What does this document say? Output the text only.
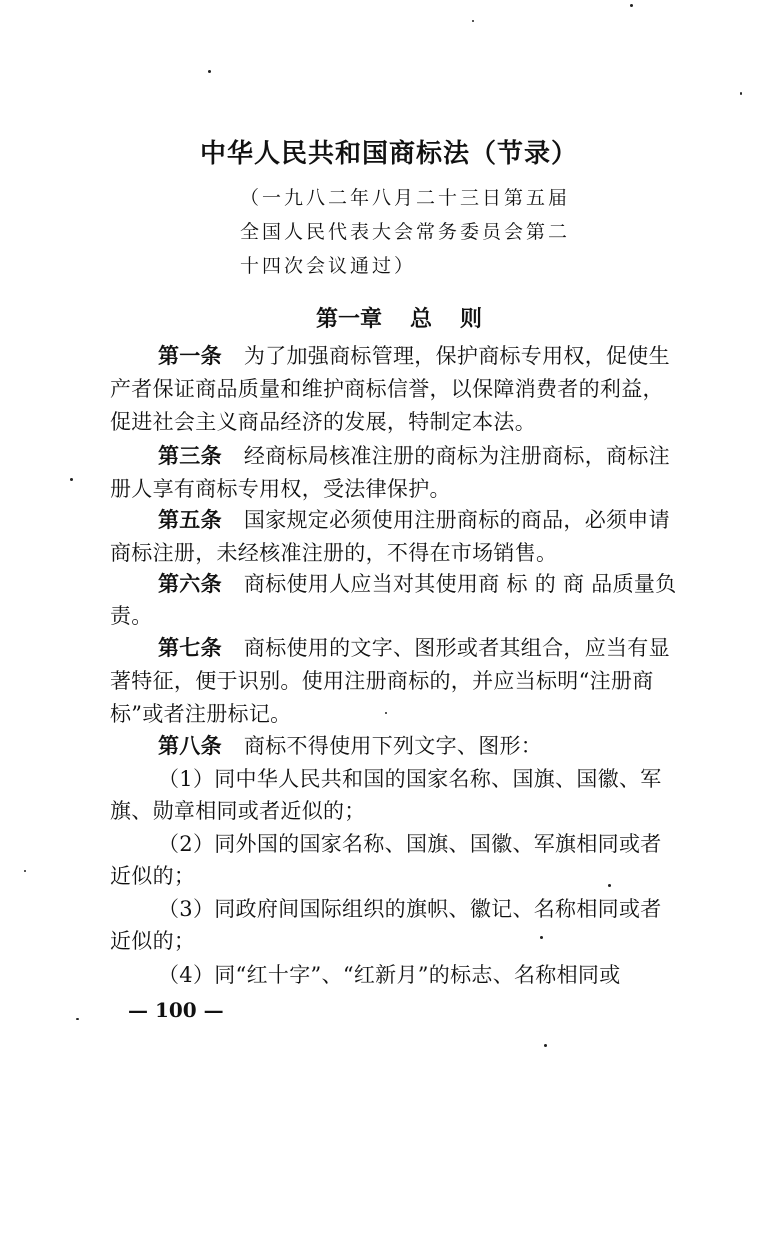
中华人民共和国商标法（节录）
（一九八二年八月二十三日第五届
全国人民代表大会常务委员会第二
十四次会议通过）
第一章 总 则
第一条 为了加强商标管理，保护商标专用权，促使生
产者保证商品质量和维护商标信誉，以保障消费者的利益，
促进社会主义商品经济的发展，特制定本法。
第三条 经商标局核准注册的商标为注册商标，商标注
册人享有商标专用权，受法律保护。
第五条 国家规定必须使用注册商标的商品，必须申请
商标注册，未经核准注册的，不得在市场销售。
第六条 商标使用人应当对其使用商 标 的 商 品质量负
责。
第七条 商标使用的文字、图形或者其组合，应当有显
著特征，便于识别。使用注册商标的，并应当标明“注册商
标”或者注册标记。
第八条 商标不得使用下列文字、图形：
（1）同中华人民共和国的国家名称、国旗、国徽、军
旗、勋章相同或者近似的；
（2）同外国的国家名称、国旗、国徽、军旗相同或者
近似的；
（3）同政府间国际组织的旗帜、徽记、名称相同或者
近似的；
（4）同“红十字”、“红新月”的标志、名称相同或
— 100 —
